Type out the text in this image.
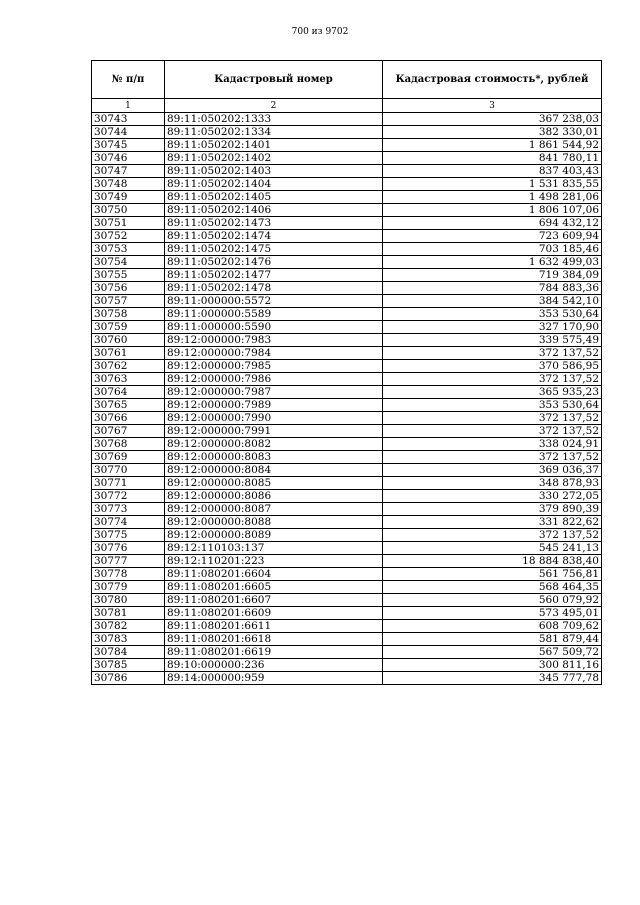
700 из 9702
№ п/п	Кадастровый номер	Кадастровая стоимость*, рублей
1	2	3
30743	89:11:050202:1333	367 238,03
30744	89:11:050202:1334	382 330,01
30745	89:11:050202:1401	1 861 544,92
30746	89:11:050202:1402	841 780,11
30747	89:11:050202:1403	837 403,43
30748	89:11:050202:1404	1 531 835,55
30749	89:11:050202:1405	1 498 281,06
30750	89:11:050202:1406	1 806 107,06
30751	89:11:050202:1473	694 432,12
30752	89:11:050202:1474	723 609,94
30753	89:11:050202:1475	703 185,46
30754	89:11:050202:1476	1 632 499,03
30755	89:11:050202:1477	719 384,09
30756	89:11:050202:1478	784 883,36
30757	89:11:000000:5572	384 542,10
30758	89:11:000000:5589	353 530,64
30759	89:11:000000:5590	327 170,90
30760	89:12:000000:7983	339 575,49
30761	89:12:000000:7984	372 137,52
30762	89:12:000000:7985	370 586,95
30763	89:12:000000:7986	372 137,52
30764	89:12:000000:7987	365 935,23
30765	89:12:000000:7989	353 530,64
30766	89:12:000000:7990	372 137,52
30767	89:12:000000:7991	372 137,52
30768	89:12:000000:8082	338 024,91
30769	89:12:000000:8083	372 137,52
30770	89:12:000000:8084	369 036,37
30771	89:12:000000:8085	348 878,93
30772	89:12:000000:8086	330 272,05
30773	89:12:000000:8087	379 890,39
30774	89:12:000000:8088	331 822,62
30775	89:12:000000:8089	372 137,52
30776	89:12:110103:137	545 241,13
30777	89:12:110201:223	18 884 838,40
30778	89:11:080201:6604	561 756,81
30779	89:11:080201:6605	568 464,35
30780	89:11:080201:6607	560 079,92
30781	89:11:080201:6609	573 495,01
30782	89:11:080201:6611	608 709,62
30783	89:11:080201:6618	581 879,44
30784	89:11:080201:6619	567 509,72
30785	89:10:000000:236	300 811,16
30786	89:14:000000:959	345 777,78
